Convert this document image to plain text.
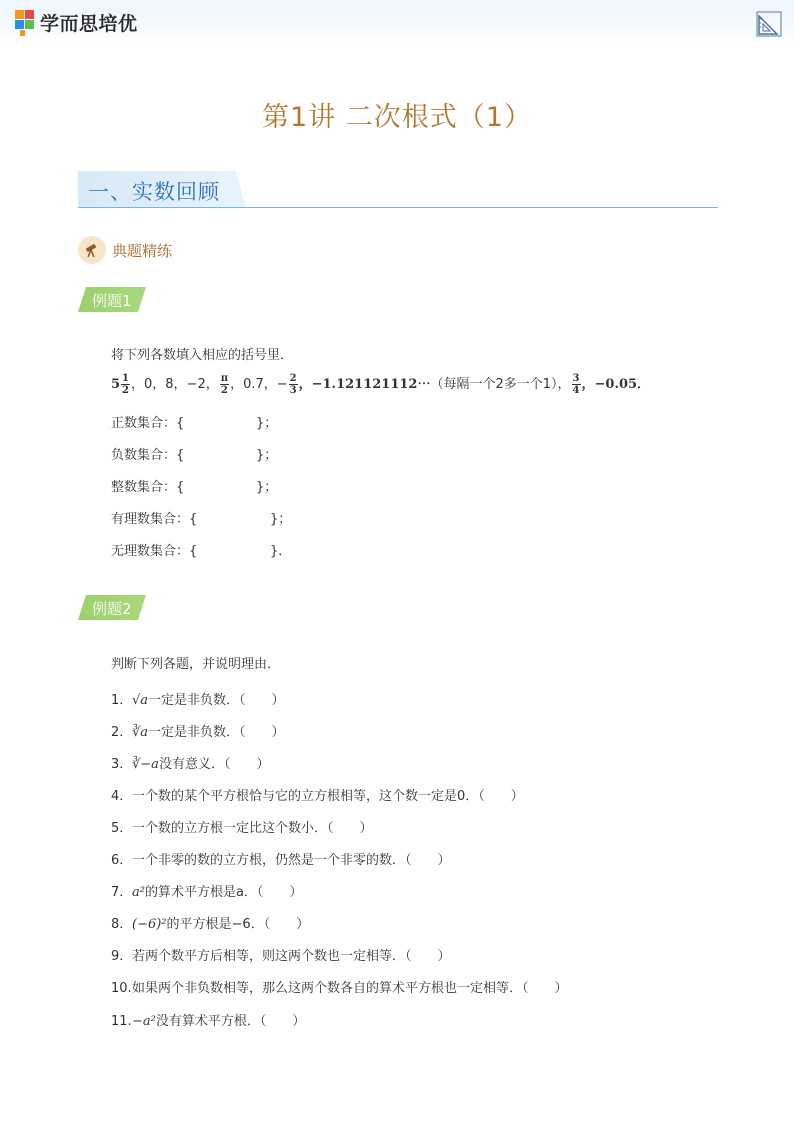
学而思培优
第1讲 二次根式（1）
一、实数回顾
典题精练
例题1
将下列各数填入相应的括号里．
$5 \frac{1}{2}$ ，0，8，−2， $\frac{\pi}{2}$ ，0.7，− $\frac{2}{3}$ ，−1.121121112⋯（每隔一个2多一个1）， $\frac{3}{4}$ ，−0.05．
正数集合：{	}；
负数集合：{	}；
整数集合：{	}；
有理数集合：{	}；
无理数集合：{	}．
例题2
判断下列各题，并说明理由．
1. √a一定是非负数．（　　）
2. ∛a一定是非负数．（　　）
3. ∛−a没有意义．（　　）
4. 一个数的某个平方根恰与它的立方根相等，这个数一定是0．（　　）
5. 一个数的立方根一定比这个数小．（　　）
6. 一个非零的数的立方根，仍然是一个非零的数．（　　）
7. a²的算术平方根是a．（　　）
8. (−6)²的平方根是−6．（　　）
9. 若两个数平方后相等，则这两个数也一定相等．（　　）
10.如果两个非负数相等，那么这两个数各自的算术平方根也一定相等．（　　）
11.−a²没有算术平方根．（　　）
